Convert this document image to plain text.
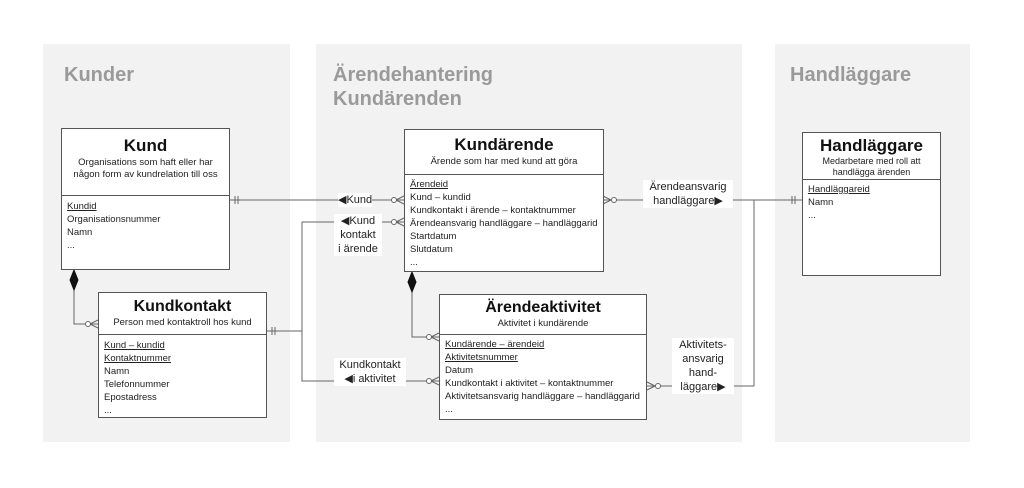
Kunder	Ärendehantering
Kundärenden
Handläggare
Kund
Organisations som haft eller har någon form av kundrelation till oss
Kundid
Organisationsnummer
Namn
...
Kundkontakt
Person med kontaktroll hos kund
Kund – kundid
Kontaktnummer
Namn
Telefonnummer
Epostadress
...
Kundärende
Ärende som har med kund att göra
Ärendeid
Kund – kundid
Kundkontakt i ärende – kontaktnummer
Ärendeansvarig handläggare – handläggarid
Startdatum
Slutdatum
...
Ärendeaktivitet
Aktivitet i kundärende
Kundärende – ärendeid
Aktivitetsnummer
Datum
Kundkontakt i aktivitet – kontaktnummer
Aktivitetsansvarig handläggare – handläggarid
...
Handläggare
Medarbetare med roll att handlägga ärenden
Handläggareid
Namn
...
◀Kund
◀Kund
kontakt
i ärende
Ärendeansvarig
handläggare▶
Kundkontakt
◀i aktivitet
Aktivitets-
ansvarig
hand-
läggare▶
